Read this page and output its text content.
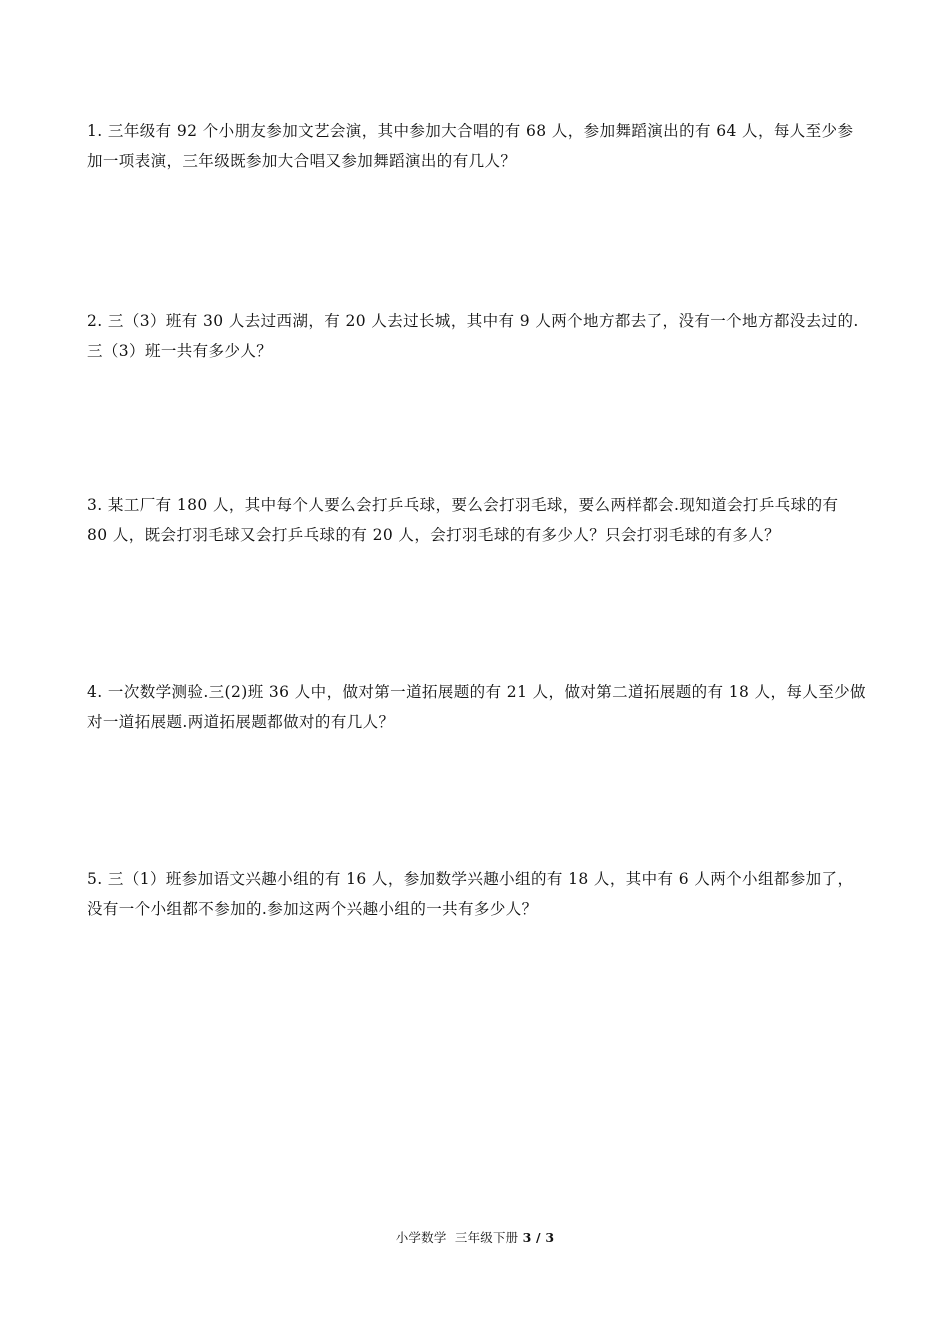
1. 三年级有 92 个小朋友参加文艺会演，其中参加大合唱的有 68 人，参加舞蹈演出的有 64 人，每人至少参
加一项表演，三年级既参加大合唱又参加舞蹈演出的有几人？
2. 三（3）班有 30 人去过西湖，有 20 人去过长城，其中有 9 人两个地方都去了，没有一个地方都没去过的.
三（3）班一共有多少人？
3. 某工厂有 180 人，其中每个人要么会打乒乓球，要么会打羽毛球，要么两样都会.现知道会打乒乓球的有
80 人，既会打羽毛球又会打乒乓球的有 20 人，会打羽毛球的有多少人？只会打羽毛球的有多人？
4. 一次数学测验.三(2)班 36 人中，做对第一道拓展题的有 21 人，做对第二道拓展题的有 18 人，每人至少做
对一道拓展题.两道拓展题都做对的有几人？
5. 三（1）班参加语文兴趣小组的有 16 人，参加数学兴趣小组的有 18 人，其中有 6 人两个小组都参加了，
没有一个小组都不参加的.参加这两个兴趣小组的一共有多少人？
小学数学  三年级下册 3 / 3
